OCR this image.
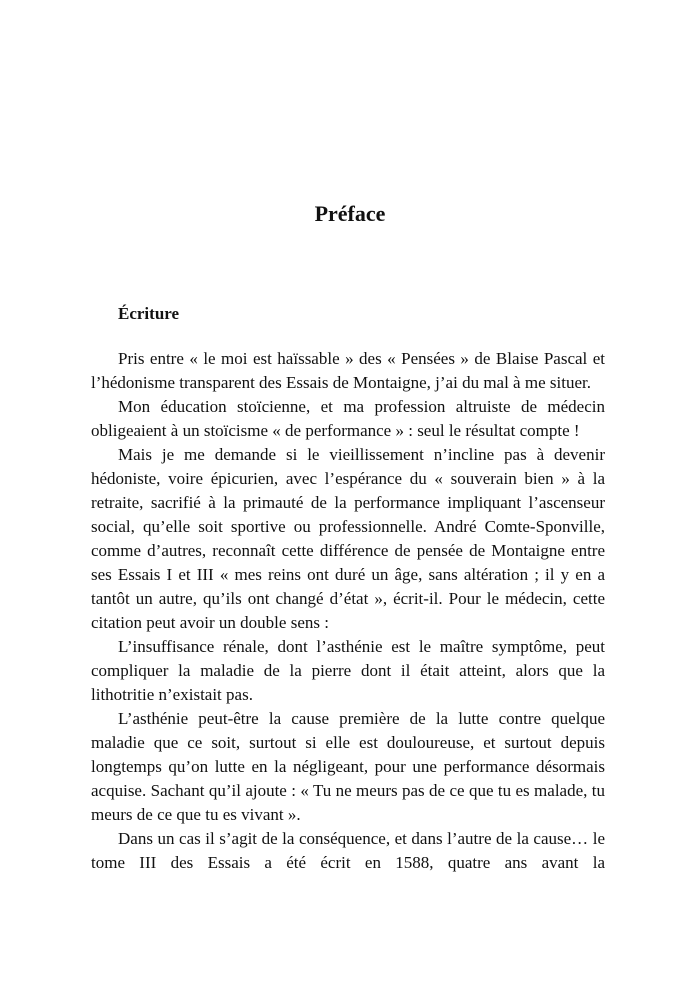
Préface
Écriture

Pris entre « le moi est haïssable » des « Pensées » de Blaise Pascal et l’hédonisme transparent des Essais de Montaigne, j’ai du mal à me situer.

Mon éducation stoïcienne, et ma profession altruiste de médecin obligeaient à un stoïcisme « de performance » : seul le résultat compte !

Mais je me demande si le vieillissement n’incline pas à devenir hédoniste, voire épicurien, avec l’espérance du « souverain bien » à la retraite, sacrifié à la primauté de la performance impliquant l’ascenseur social, qu’elle soit sportive ou professionnelle. André Comte-Sponville, comme d’autres, reconnaît cette différence de pensée de Montaigne entre ses Essais I et III « mes reins ont duré un âge, sans altération ; il y en a tantôt un autre, qu’ils ont changé d’état », écrit-il. Pour le médecin, cette citation peut avoir un double sens :

L’insuffisance rénale, dont l’asthénie est le maître symptôme, peut compliquer la maladie de la pierre dont il était atteint, alors que la lithotritie n’existait pas.

L’asthénie peut-être la cause première de la lutte contre quelque maladie que ce soit, surtout si elle est douloureuse, et surtout depuis longtemps qu’on lutte en la négligeant, pour une performance désormais acquise. Sachant qu’il ajoute : « Tu ne meurs pas de ce que tu es malade, tu meurs de ce que tu es vivant ».

Dans un cas il s’agit de la conséquence, et dans l’autre de la cause… le tome III des Essais a été écrit en 1588, quatre ans avant la
